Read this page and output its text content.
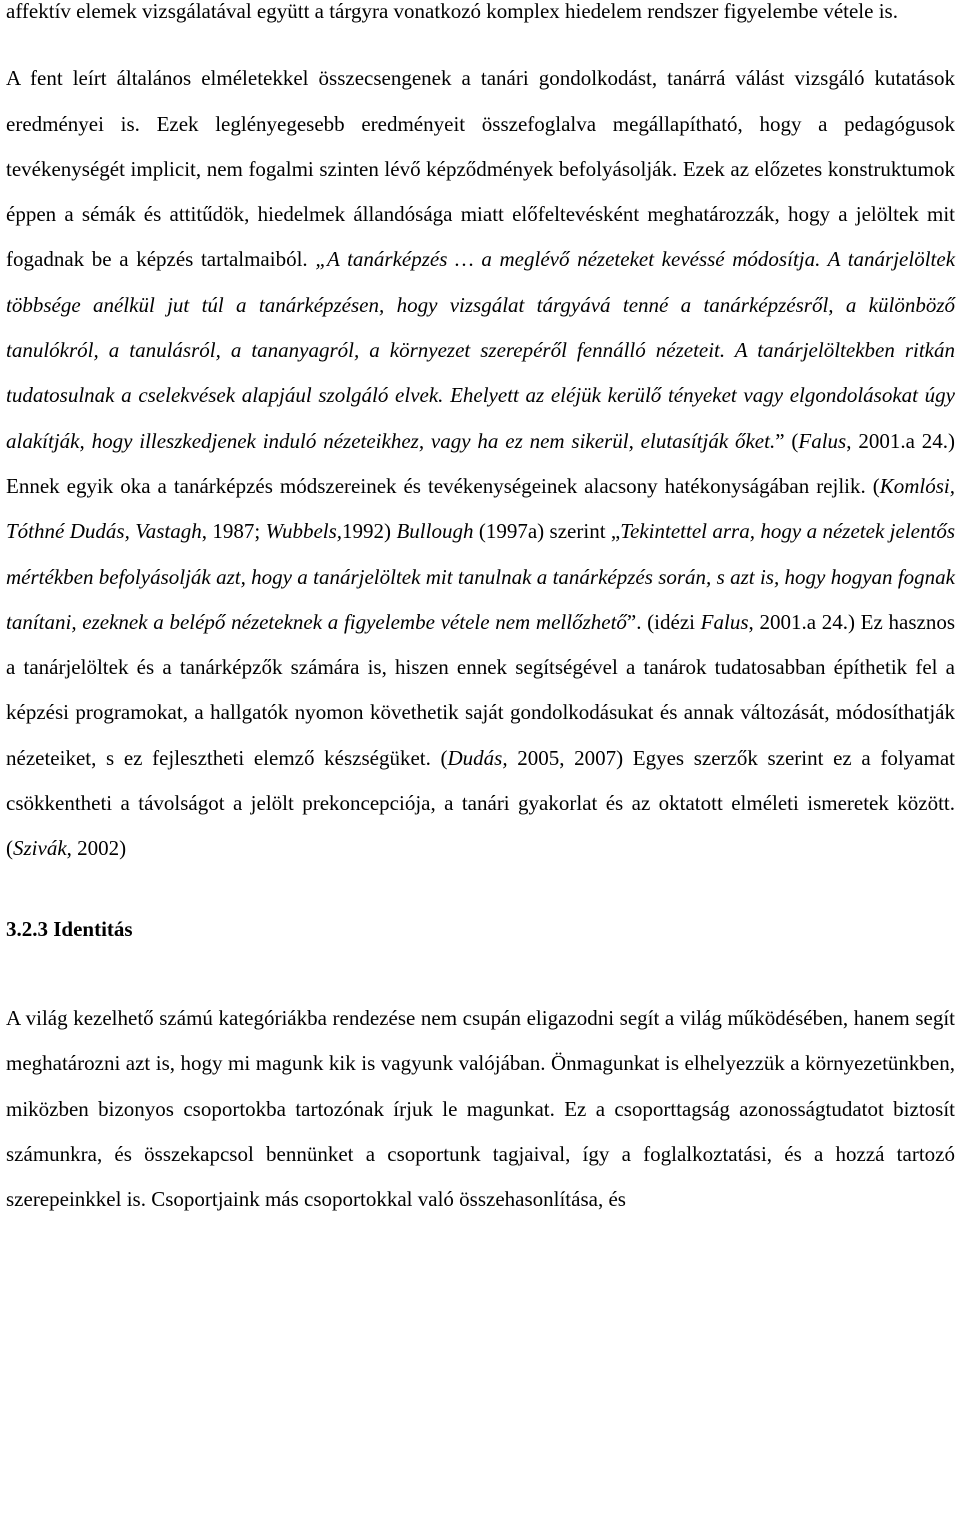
affektív elemek vizsgálatával együtt a tárgyra vonatkozó komplex hiedelem rendszer figyelembe vétele is.

A fent leírt általános elméletekkel összecsengenek a tanári gondolkodást, tanárrá válást vizsgáló kutatások eredményei is. Ezek leglényegesebb eredményeit összefoglalva megállapítható, hogy a pedagógusok tevékenységét implicit, nem fogalmi szinten lévő képződmények befolyásolják. Ezek az előzetes konstruktumok éppen a sémák és attitűdök, hiedelmek állandósága miatt előfeltevésként meghatározzák, hogy a jelöltek mit fogadnak be a képzés tartalmaiból. „A tanárképzés … a meglévő nézeteket kevéssé módosítja. A tanárjelöltek többsége anélkül jut túl a tanárképzésen, hogy vizsgálat tárgyává tenné a tanárképzésről, a különböző tanulókról, a tanulásról, a tananyagról, a környezet szerepéről fennálló nézeteit. A tanárjelöltekben ritkán tudatosulnak a cselekvések alapjául szolgáló elvek. Ehelyett az eléjük kerülő tényeket vagy elgondolásokat úgy alakítják, hogy illeszkedjenek induló nézeteikhez, vagy ha ez nem sikerül, elutasítják őket.” (Falus, 2001.a 24.) Ennek egyik oka a tanárképzés módszereinek és tevékenységeinek alacsony hatékonyságában rejlik. (Komlósi, Tóthné Dudás, Vastagh, 1987; Wubbels,1992) Bullough (1997a) szerint „Tekintettel arra, hogy a nézetek jelentős mértékben befolyásolják azt, hogy a tanárjelöltek mit tanulnak a tanárképzés során, s azt is, hogy hogyan fognak tanítani, ezeknek a belépő nézeteknek a figyelembe vétele nem mellőzhető”. (idézi Falus, 2001.a 24.) Ez hasznos a tanárjelöltek és a tanárképzők számára is, hiszen ennek segítségével a tanárok tudatosabban építhetik fel a képzési programokat, a hallgatók nyomon követhetik saját gondolkodásukat és annak változását, módosíthatják nézeteiket, s ez fejlesztheti elemző készségüket. (Dudás, 2005, 2007) Egyes szerzők szerint ez a folyamat csökkentheti a távolságot a jelölt prekoncepciója, a tanári gyakorlat és az oktatott elméleti ismeretek között. (Szivák, 2002)

3.2.3 Identitás

A világ kezelhető számú kategóriákba rendezése nem csupán eligazodni segít a világ működésében, hanem segít meghatározni azt is, hogy mi magunk kik is vagyunk valójában. Önmagunkat is elhelyezzük a környezetünkben, miközben bizonyos csoportokba tartozónak írjuk le magunkat. Ez a csoporttagság azonosságtudatot biztosít számunkra, és összekapcsol bennünket a csoportunk tagjaival, így a foglalkoztatási, és a hozzá tartozó szerepeinkkel is. Csoportjaink más csoportokkal való összehasonlítása, és
